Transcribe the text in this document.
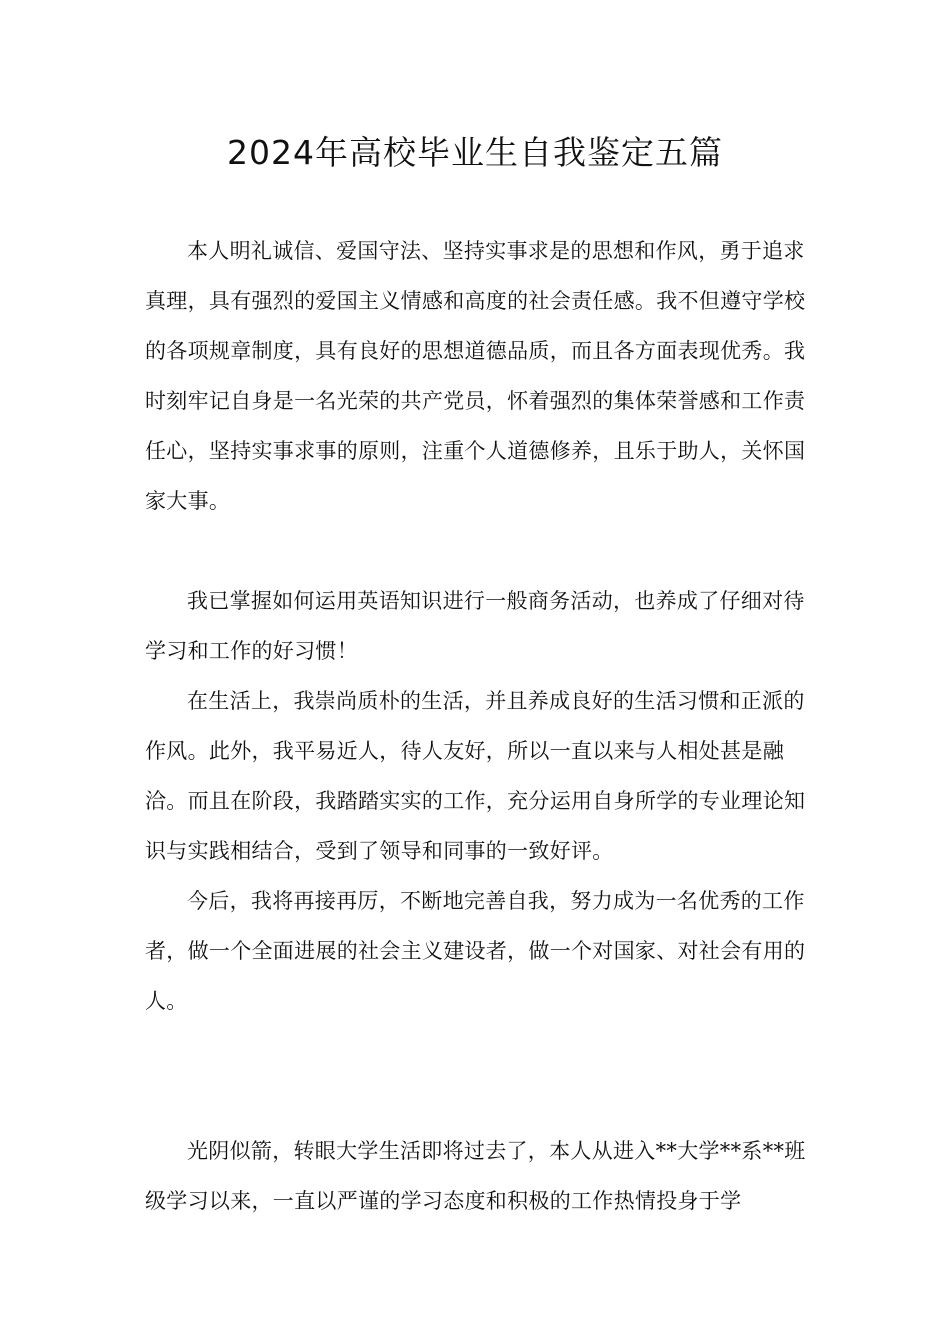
2024年高校毕业生自我鉴定五篇

本人明礼诚信、爱国守法、坚持实事求是的思想和作风，勇于追求真理，具有强烈的爱国主义情感和高度的社会责任感。我不但遵守学校的各项规章制度，具有良好的思想道德品质，而且各方面表现优秀。我时刻牢记自身是一名光荣的共产党员，怀着强烈的集体荣誉感和工作责任心，坚持实事求事的原则，注重个人道德修养，且乐于助人，关怀国家大事。

我已掌握如何运用英语知识进行一般商务活动，也养成了仔细对待学习和工作的好习惯！

在生活上，我崇尚质朴的生活，并且养成良好的生活习惯和正派的作风。此外，我平易近人，待人友好，所以一直以来与人相处甚是融洽。而且在阶段，我踏踏实实的工作，充分运用自身所学的专业理论知识与实践相结合，受到了领导和同事的一致好评。

今后，我将再接再厉，不断地完善自我，努力成为一名优秀的工作者，做一个全面进展的社会主义建设者，做一个对国家、对社会有用的人。

光阴似箭，转眼大学生活即将过去了，本人从进入**大学**系**班级学习以来，一直以严谨的学习态度和积极的工作热情投身于学
